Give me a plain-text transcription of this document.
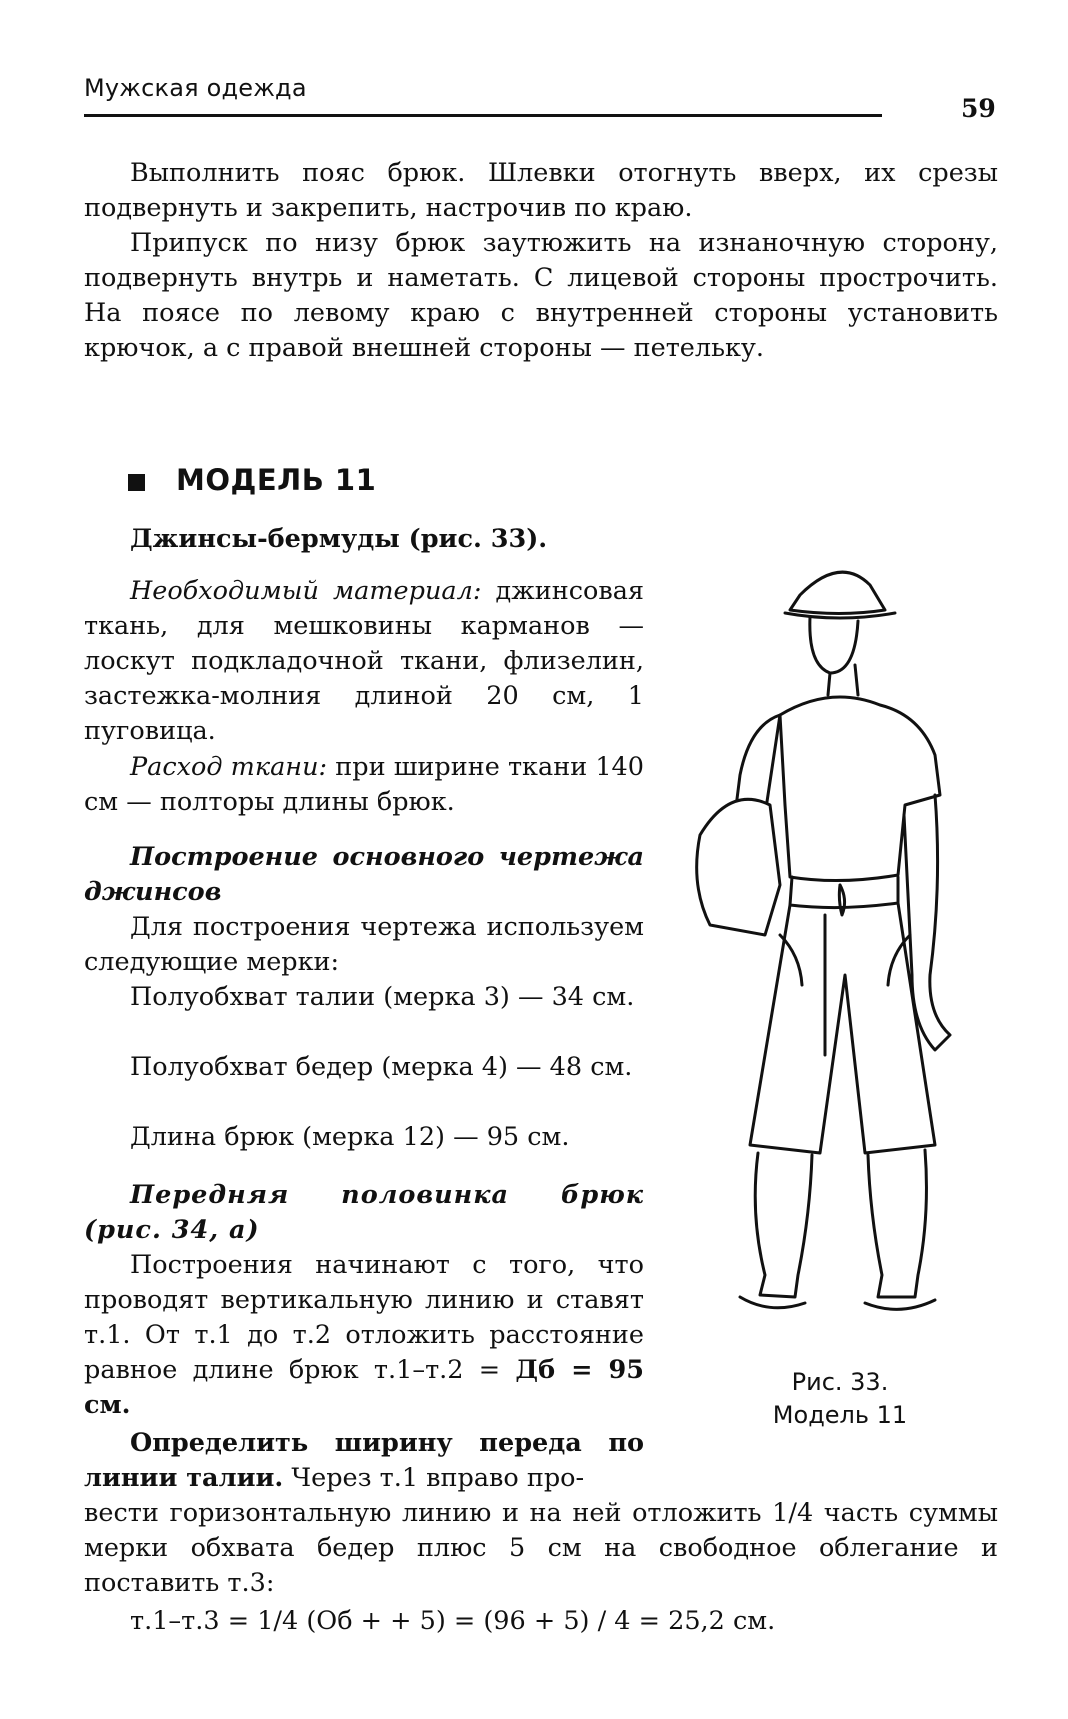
Мужская одежда
59
Выполнить пояс брюк. Шлевки отогнуть вверх, их срезы подвернуть и закрепить, настрочив по краю.
Припуск по низу брюк заутюжить на изнаночную сторону, подвернуть внутрь и наметать. С лицевой стороны прострочить. На поясе по левому краю с внутренней стороны установить крючок, а с правой внешней стороны — петельку.
МОДЕЛЬ 11
Джинсы-бермуды (рис. 33).
Необходимый материал: джинсовая ткань, для мешковины карманов — лоскут подкладочной ткани, флизелин, застежка-молния длиной 20 см, 1 пуговица.
Расход ткани: при ширине ткани 140 см — полторы длины брюк.
Построение основного чертежа джинсов
Для построения чертежа используем следующие мерки:
Полуобхват талии (мерка 3) — 34 см.
Полуобхват бедер (мерка 4) — 48 см.
Длина брюк (мерка 12) — 95 см.
Передняя половинка брюк (рис. 34, а)
Построения начинают с того, что проводят вертикальную линию и ставят т.1. От т.1 до т.2 отложить расстояние равное длине брюк т.1–т.2 = Дб = 95 см.
Определить ширину переда по линии талии. Через т.1 вправо про-
вести горизонтальную линию и на ней отложить 1/4 часть суммы мерки обхвата бедер плюс 5 см на свободное облегание и поставить т.3:
т.1–т.3 = 1/4 (Об + + 5) = (96 + 5) / 4 = 25,2 см.
Рис. 33.
Модель 11
